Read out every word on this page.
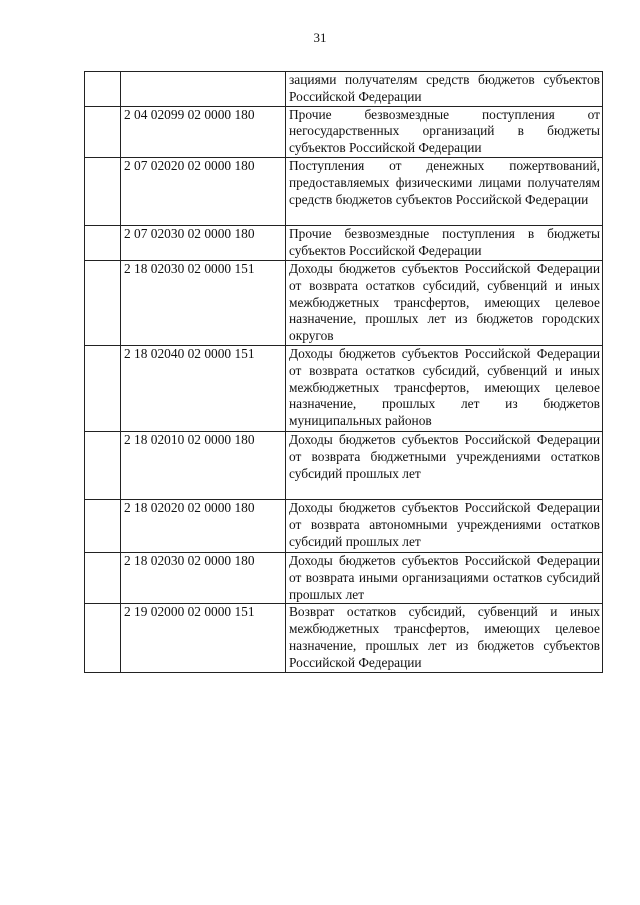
31
		зациями получателям средств бюджетов субъектов Российской Федерации
	2 04 02099 02 0000 180	Прочие безвозмездные поступления от негосударственных организаций в бюджеты субъектов Российской Федерации
	2 07 02020 02 0000 180	Поступления от денежных пожертвований, предоставляемых физическими лицами получателям средств бюджетов субъектов Российской Федерации
	2 07 02030 02 0000 180	Прочие безвозмездные поступления в бюджеты субъектов Российской Федерации
	2 18 02030 02 0000 151	Доходы бюджетов субъектов Российской Федерации от возврата остатков субсидий, субвенций и иных межбюджетных трансфертов, имеющих целевое назначение, прошлых лет из бюджетов городских округов
	2 18 02040 02 0000 151	Доходы бюджетов субъектов Российской Федерации от возврата остатков субсидий, субвенций и иных межбюджетных трансфертов, имеющих целевое назначение, прошлых лет из бюджетов муниципальных районов
	2 18 02010 02 0000 180	Доходы бюджетов субъектов Российской Федерации от возврата бюджетными учреждениями остатков субсидий прошлых лет
	2 18 02020 02 0000 180	Доходы бюджетов субъектов Российской Федерации от возврата автономными учреждениями остатков субсидий прошлых лет
	2 18 02030 02 0000 180	Доходы бюджетов субъектов Российской Федерации от возврата иными организациями остатков субсидий прошлых лет
	2 19 02000 02 0000 151	Возврат остатков субсидий, субвенций и иных межбюджетных трансфертов, имеющих целевое назначение, прошлых лет из бюджетов субъектов Российской Федерации
